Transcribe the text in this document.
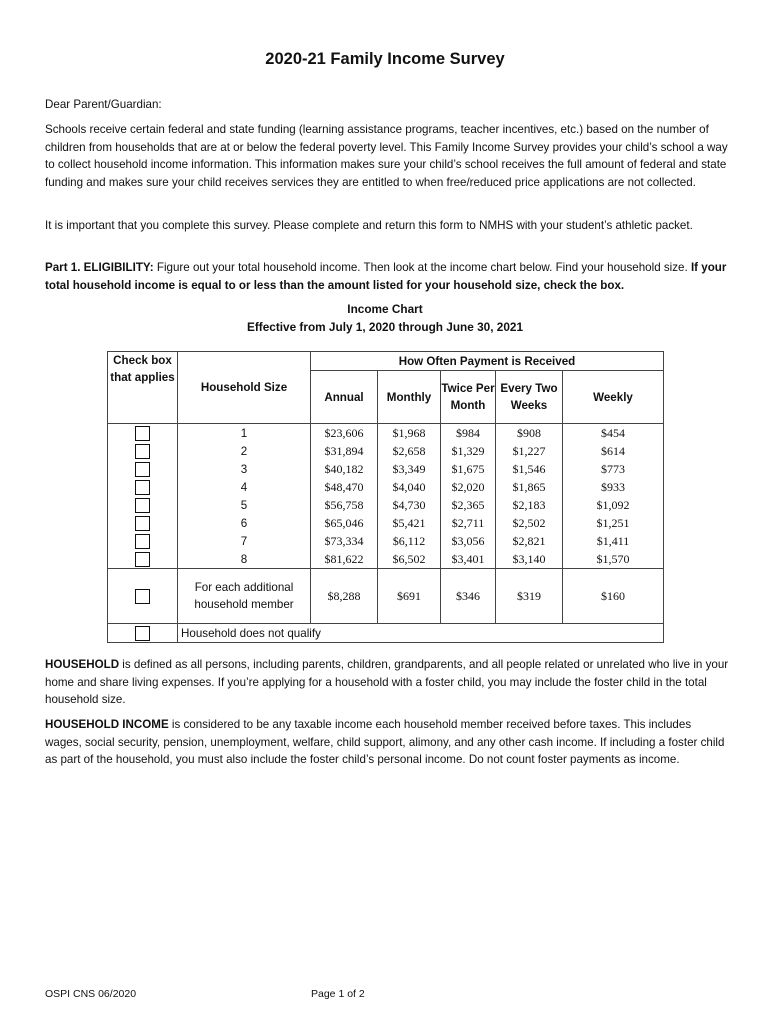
2020-21 Family Income Survey
Dear Parent/Guardian:
Schools receive certain federal and state funding (learning assistance programs, teacher incentives, etc.) based on the number of children from households that are at or below the federal poverty level. This Family Income Survey provides your child’s school a way to collect household income information. This information makes sure your child’s school receives the full amount of federal and state funding and makes sure your child receives services they are entitled to when free/reduced price applications are not collected.
It is important that you complete this survey. Please complete and return this form to NMHS with your student’s athletic packet.
Part 1. ELIGIBILITY: Figure out your total household income. Then look at the income chart below. Find your household size. If your total household income is equal to or less than the amount listed for your household size, check the box.
Income Chart
Effective from July 1, 2020 through June 30, 2021
Check box that applies	Household Size	How Often Payment is Received				
		Annual	Monthly	Twice Per Month	Every Two Weeks	Weekly
	1	$23,606	$1,968	$984	$908	$454
	2	$31,894	$2,658	$1,329	$1,227	$614
	3	$40,182	$3,349	$1,675	$1,546	$773
	4	$48,470	$4,040	$2,020	$1,865	$933
	5	$56,758	$4,730	$2,365	$2,183	$1,092
	6	$65,046	$5,421	$2,711	$2,502	$1,251
	7	$73,334	$6,112	$3,056	$2,821	$1,411
	8	$81,622	$6,502	$3,401	$3,140	$1,570
	For each additional household member	$8,288	$691	$346	$319	$160
	Household does not qualify					
HOUSEHOLD is defined as all persons, including parents, children, grandparents, and all people related or unrelated who live in your home and share living expenses. If you’re applying for a household with a foster child, you may include the foster child in the total household size.
HOUSEHOLD INCOME is considered to be any taxable income each household member received before taxes. This includes wages, social security, pension, unemployment, welfare, child support, alimony, and any other cash income. If including a foster child as part of the household, you must also include the foster child’s personal income. Do not count foster payments as income.
OSPI CNS 06/2020	Page 1 of 2
